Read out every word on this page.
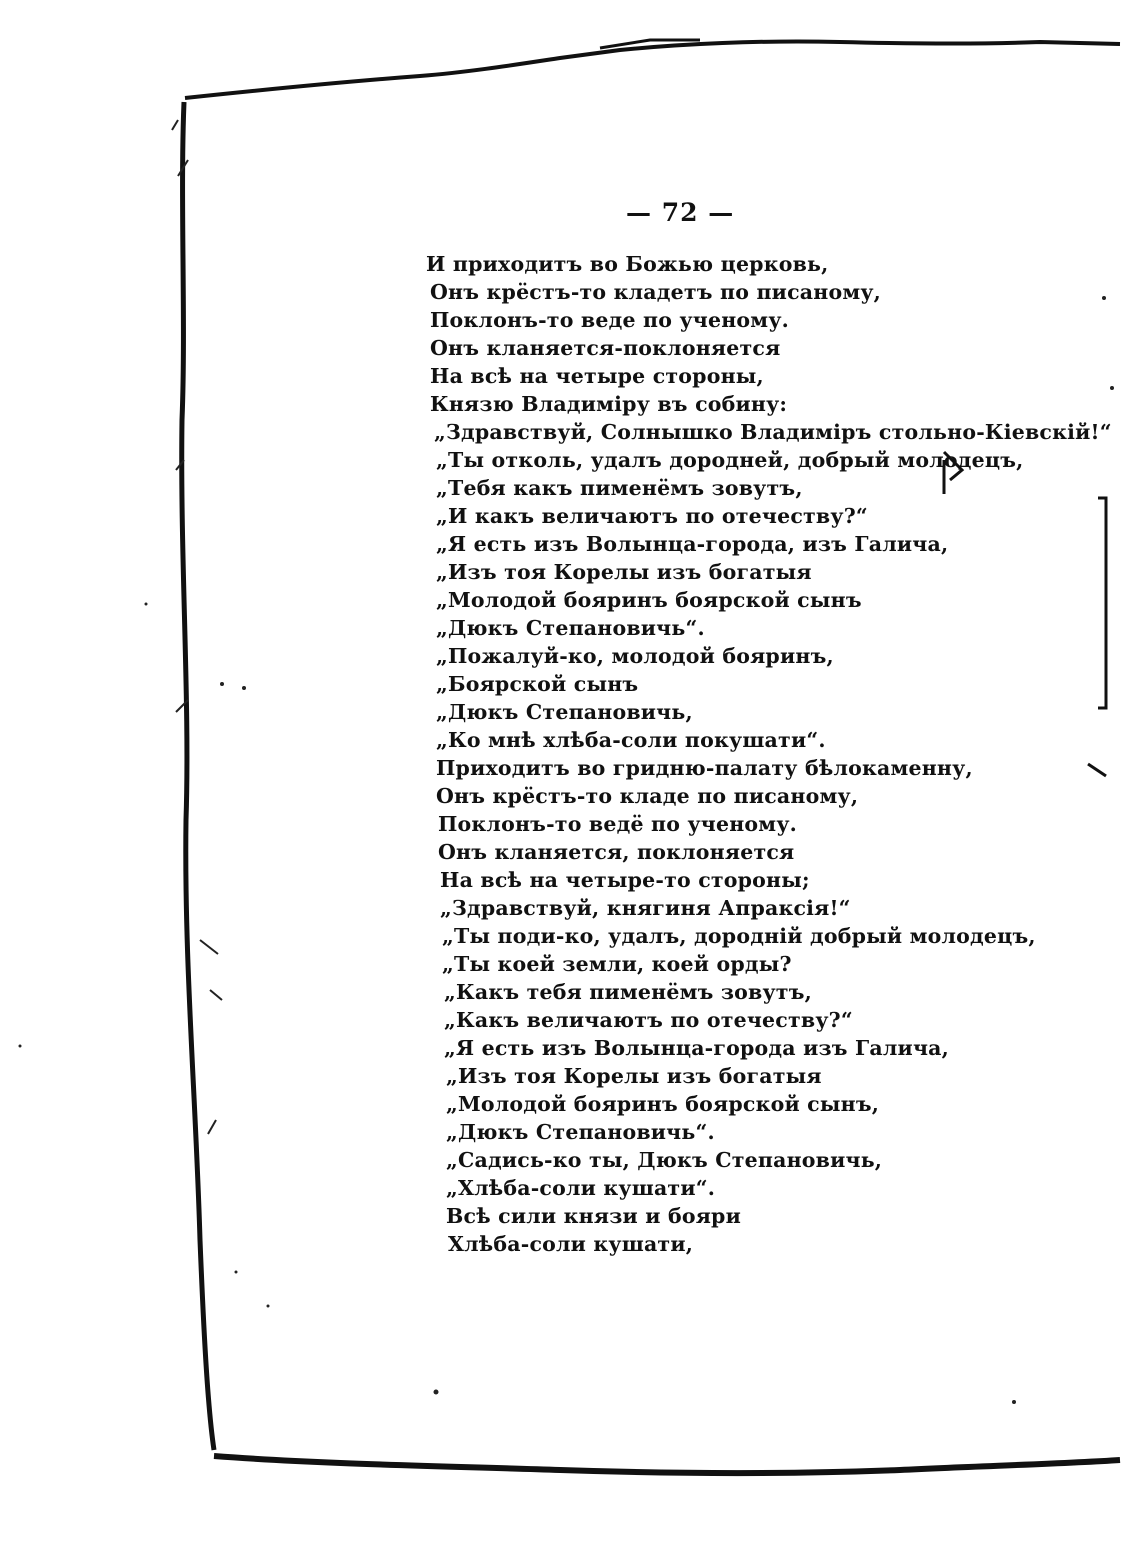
— 72 —
И приходитъ во Божью церковь,
Онъ крёстъ-то кладетъ по писаному,
Поклонъ-то веде по ученому.
Онъ кланяется-поклоняется
На всѣ на четыре стороны,
Князю Владиміру въ собину:
„Здравствуй, Солнышко Владиміръ стольно-Кіевскій!“
„Ты отколь, удалъ дородней, добрый молодецъ,
„Тебя какъ пименёмъ зовутъ,
„И какъ величаютъ по отечеству?“
„Я есть изъ Волынца-города, изъ Галича,
„Изъ тоя Корелы изъ богатыя
„Молодой бояринъ боярской сынъ
„Дюкъ Степановичь“.
„Пожалуй-ко, молодой бояринъ,
„Боярской сынъ
„Дюкъ Степановичь,
„Ко мнѣ хлѣба-соли покушати“.
Приходитъ во гридню-палату бѣлокаменну,
Онъ крёстъ-то кладе по писаному,
Поклонъ-то ведё по ученому.
Онъ кланяется, поклоняется
На всѣ на четыре-то стороны;
„Здравствуй, княгиня Апраксія!“
„Ты поди-ко, удалъ, дороднiй добрый молодецъ,
„Ты коей земли, коей орды?
„Какъ тебя пименёмъ зовутъ,
„Какъ величаютъ по отечеству?“
„Я есть изъ Волынца-города изъ Галича,
„Изъ тоя Корелы изъ богатыя
„Молодой бояринъ боярской сынъ,
„Дюкъ Степановичь“.
„Садись-ко ты, Дюкъ Степановичь,
„Хлѣба-соли кушати“.
Всѣ сили князи и бояри
Хлѣба-соли кушати,
